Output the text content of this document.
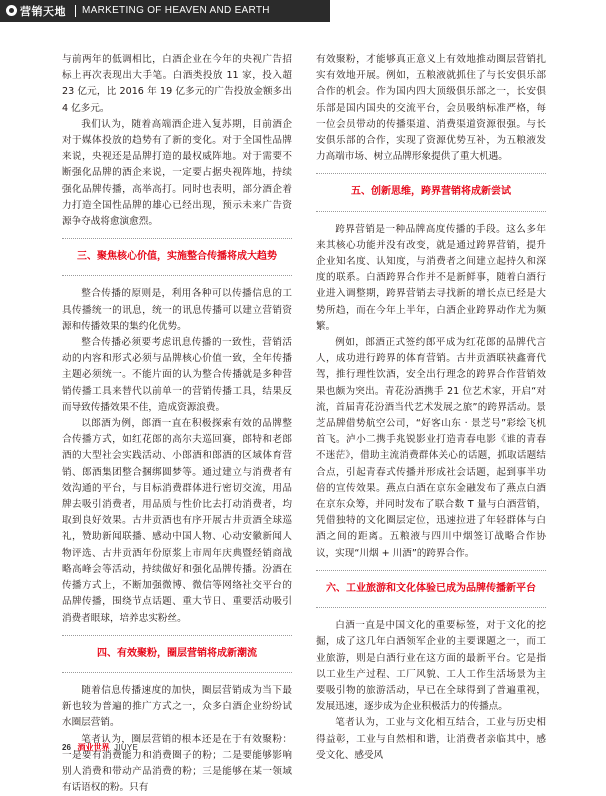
营销天地 MARKETING OF HEAVEN AND EARTH

与前两年的低调相比，白酒企业在今年的央视广告招标上再次表现出大手笔。白酒类投放 11 家，投入超 23 亿元，比 2016 年 19 亿多元的广告投放金额多出 4 亿多元。

我们认为，随着高端酒企进入复苏期，目前酒企对于媒体投放的趋势有了新的变化。对于全国性品牌来说，央视还是品牌打造的最权威阵地。对于需要不断强化品牌的酒企来说，一定要占据央视阵地，持续强化品牌传播，高举高打。同时也表明，部分酒企着力打造全国性品牌的雄心已经出现，预示未来广告资源争夺战将愈演愈烈。

三、聚焦核心价值，实施整合传播将成大趋势

整合传播的原则是，利用各种可以传播信息的工具传播统一的讯息，统一的讯息传播可以建立营销资源和传播效果的集约化优势。

整合传播必须要考虑讯息传播的一致性，营销活动的内容和形式必须与品牌核心价值一致，全年传播主题必须统一。不能片面的认为整合传播就是多种营销传播工具来替代以前单一的营销传播工具，结果反而导致传播效果不佳，造成资源浪费。

以郎酒为例，郎酒一直在积极探索有效的品牌整合传播方式，如红花郎的高尔夫巡回赛，郎特和老郎酒的大型社会实践活动、小郎酒和郎酒的区域体育营销、郎酒集团整合捆绑圆梦等。通过建立与消费者有效沟通的平台，与目标消费群体进行密切交流，用品牌去吸引消费者，用品质与性价比去打动消费者，均取到良好效果。古井贡酒也有序开展古井贡酒全球巡礼，赞助新闻联播、感动中国人物、心动安徽新闻人物评选、古井贡酒年份原浆上市周年庆典暨经销商战略高峰会等活动，持续做好和强化品牌传播。汾酒在传播方式上，不断加强微博、微信等网络社交平台的品牌传播，围绕节点话题、重大节日、重要活动吸引消费者眼球，培养忠实粉丝。

四、有效聚粉，圈层营销将成新潮流

随着信息传播速度的加快，圈层营销成为当下最新也较为普遍的推广方式之一，众多白酒企业纷纷试水圈层营销。

笔者认为，圈层营销的根本还是在于有效聚粉：一是要有消费能力和消费圈子的粉；二是要能够影响别人消费和带动产品消费的粉；三是能够在某一领域有话语权的粉。只有

有效聚粉，才能够真正意义上有效地推动圈层营销扎实有效地开展。例如，五粮液就抓住了与长安俱乐部合作的机会。作为国内四大顶级俱乐部之一，长安俱乐部是国内国央的交流平台，会员吸纳标准严格，每一位会员带动的传播渠道、消费渠道资源很强。与长安俱乐部的合作，实现了资源优势互补，为五粮液发力高端市场、树立品牌形象提供了重大机遇。

五、创新思维，跨界营销将成新尝试

跨界营销是一种品牌高度传播的手段。这么多年来其核心功能并没有改变，就是通过跨界营销，提升企业知名度、认知度，与消费者之间建立起持久和深度的联系。白酒跨界合作并不是新鲜事，随着白酒行业进入调整期，跨界营销去寻找新的增长点已经是大势所趋，而在今年上半年，白酒企业跨界动作尤为频繁。

例如，郎酒正式签约郎平成为红花郎的品牌代言人，成功进行跨界的体育营销。古井贡酒联袂鑫膏代驾，推行理性饮酒，安全出行理念的跨界合作营销效果也颇为突出。青花汾酒携手 21 位艺术家，开启“对流，首届青花汾酒当代艺术发展之旅”的跨界活动。景芝品牌借势航空公司，“好客山东 · 景芝号”彩绘飞机首飞。泸小二携手兆锐影业打造青春电影《谁的青春不迷茫》，借助主流消费群体关心的话题，抓取话题结合点，引起青春式传播并形成社会话题，起到事半功倍的宣传效果。燕点白酒在京东金融发布了燕点白酒在京东众筹，并同时发布了联合数 T 量与白酒营销，凭借独特的文化圈层定位，迅速拉进了年轻群体与白酒之间的距离。五粮液与四川中烟签订战略合作协议，实现“川烟 + 川酒”的跨界合作。

六、工业旅游和文化体验已成为品牌传播新平台

白酒一直是中国文化的重要标签，对于文化的挖掘，成了这几年白酒领军企业的主要课题之一，而工业旅游，则是白酒行业在这方面的最新平台。它是指以工业生产过程、工厂风貌、工人工作生活场景为主要吸引物的旅游活动，早已在全球得到了普遍重视，发展迅速，逐步成为企业积极活力的传播点。

笔者认为，工业与文化相互结合，工业与历史相得益彰，工业与自然相和谐，让消费者亲临其中，感受文化、感受风

26 酒业世界 JIUYE
